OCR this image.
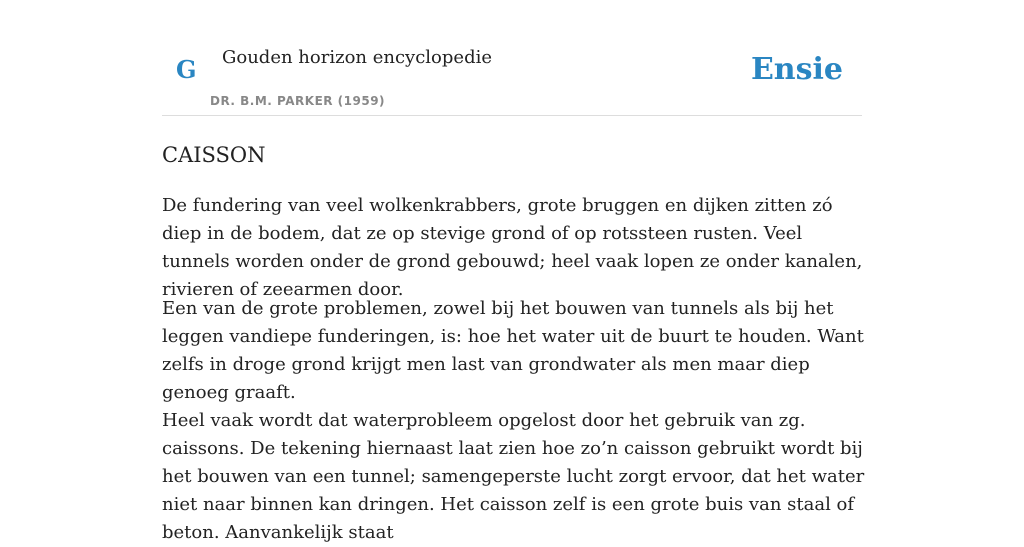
G Gouden horizon encyclopedie
DR. B.M. PARKER (1959)
Ensie
CAISSON

De fundering van veel wolkenkrabbers, grote bruggen en dijken zitten zó diep in de bodem, dat ze op stevige grond of op rotssteen rusten. Veel tunnels worden onder de grond gebouwd; heel vaak lopen ze onder kanalen, rivieren of zeearmen door.

Een van de grote problemen, zowel bij het bouwen van tunnels als bij het leggen vandiepe funderingen, is: hoe het water uit de buurt te houden. Want zelfs in droge grond krijgt men last van grondwater als men maar diep genoeg graaft.

Heel vaak wordt dat waterprobleem opgelost door het gebruik van zg. caissons. De tekening hiernaast laat zien hoe zo’n caisson gebruikt wordt bij het bouwen van een tunnel; samengeperste lucht zorgt ervoor, dat het water niet naar binnen kan dringen. Het caisson zelf is een grote buis van staal of beton. Aanvankelijk staat
